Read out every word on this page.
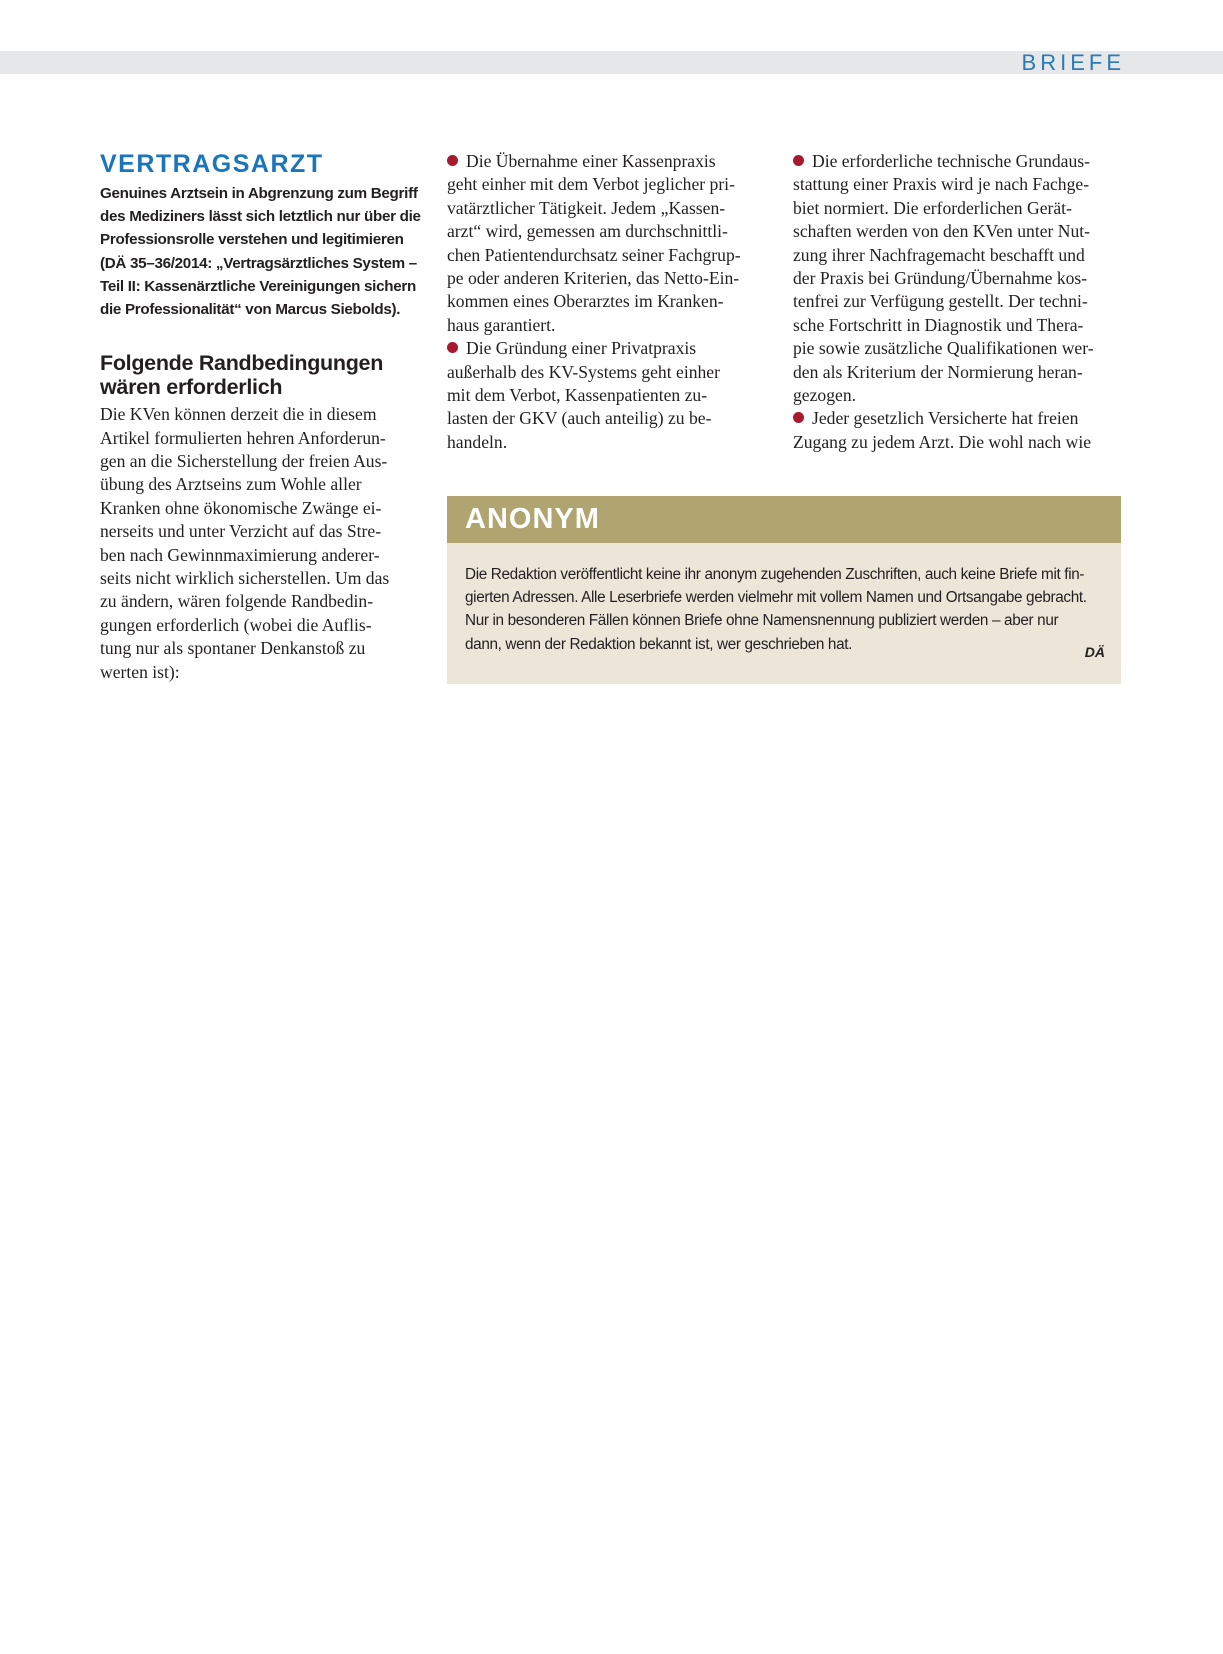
BRIEFE
VERTRAGSARZT

Genuines Arztsein in Abgrenzung zum Begriff
des Mediziners lässt sich letztlich nur über die
Professionsrolle verstehen und legitimieren
(DÄ 35–36/2014: „Vertragsärztliches System –
Teil II: Kassenärztliche Vereinigungen sichern
die Professionalität“ von Marcus Siebolds).

Folgende Randbedingungen
wären erforderlich

Die KVen können derzeit die in diesem
Artikel formulierten hehren Anforderun-
gen an die Sicherstellung der freien Aus-
übung des Arztseins zum Wohle aller
Kranken ohne ökonomische Zwänge ei-
nerseits und unter Verzicht auf das Stre-
ben nach Gewinnmaximierung anderer-
seits nicht wirklich sicherstellen. Um das
zu ändern, wären folgende Randbedin-
gungen erforderlich (wobei die Auflis-
tung nur als spontaner Denkanstoß zu
werten ist):

Die Übernahme einer Kassenpraxis
geht einher mit dem Verbot jeglicher pri-
vatärztlicher Tätigkeit. Jedem „Kassen-
arzt“ wird, gemessen am durchschnittli-
chen Patientendurchsatz seiner Fachgrup-
pe oder anderen Kriterien, das Netto-Ein-
kommen eines Oberarztes im Kranken-
haus garantiert.

Die Gründung einer Privatpraxis
außerhalb des KV-Systems geht einher
mit dem Verbot, Kassenpatienten zu-
lasten der GKV (auch anteilig) zu be-
handeln.

Die erforderliche technische Grundaus-
stattung einer Praxis wird je nach Fachge-
biet normiert. Die erforderlichen Gerät-
schaften werden von den KVen unter Nut-
zung ihrer Nachfragemacht beschafft und
der Praxis bei Gründung/Übernahme kos-
tenfrei zur Verfügung gestellt. Der techni-
sche Fortschritt in Diagnostik und Thera-
pie sowie zusätzliche Qualifikationen wer-
den als Kriterium der Normierung heran-
gezogen.

Jeder gesetzlich Versicherte hat freien
Zugang zu jedem Arzt. Die wohl nach wie

ANONYM

Die Redaktion veröffentlicht keine ihr anonym zugehenden Zuschriften, auch keine Briefe mit fin-
gierten Adressen. Alle Leserbriefe werden vielmehr mit vollem Namen und Ortsangabe gebracht.
Nur in besonderen Fällen können Briefe ohne Namensnennung publiziert werden – aber nur
dann, wenn der Redaktion bekannt ist, wer geschrieben hat.	DÄ
